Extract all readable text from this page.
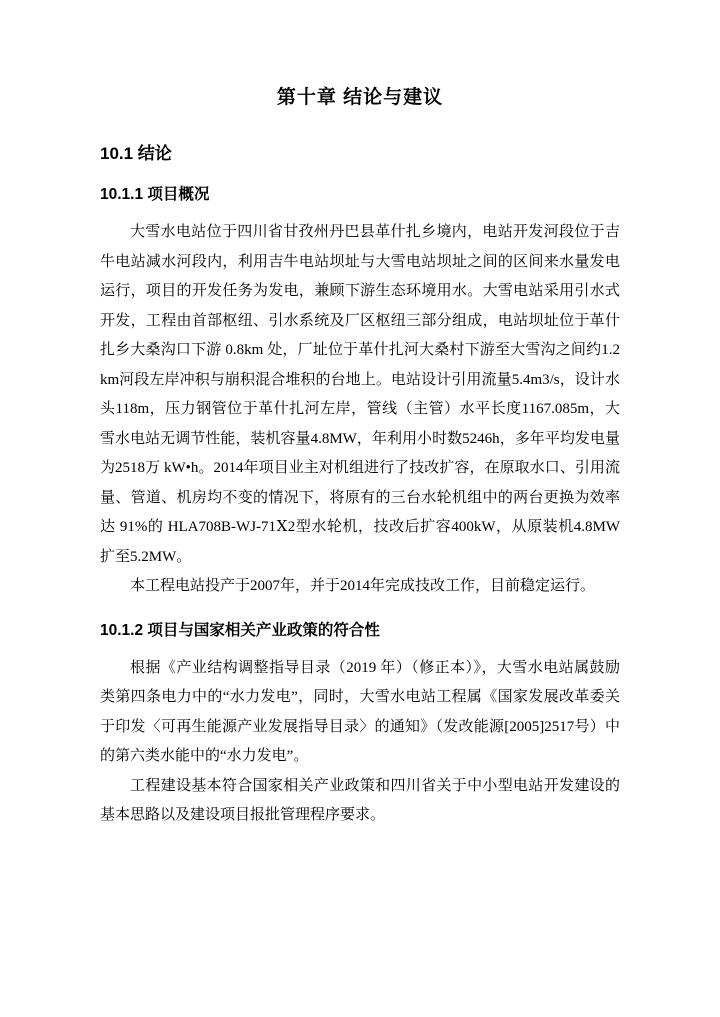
第十章 结论与建议
10.1 结论
10.1.1 项目概况

大雪水电站位于四川省甘孜州丹巴县革什扎乡境内，电站开发河段位于吉牛电站减水河段内，利用吉牛电站坝址与大雪电站坝址之间的区间来水量发电运行，项目的开发任务为发电，兼顾下游生态环境用水。大雪电站采用引水式开发，工程由首部枢纽、引水系统及厂区枢纽三部分组成，电站坝址位于革什扎乡大桑沟口下游 0.8km 处，厂址位于革什扎河大桑村下游至大雪沟之间约1.2km河段左岸冲积与崩积混合堆积的台地上。电站设计引用流量5.4m3/s，设计水头118m，压力钢管位于革什扎河左岸，管线（主管）水平长度1167.085m，大雪水电站无调节性能，装机容量4.8MW，年利用小时数5246h，多年平均发电量为2518万 kW•h。2014年项目业主对机组进行了技改扩容，在原取水口、引用流量、管道、机房均不变的情况下，将原有的三台水轮机组中的两台更换为效率达 91%的 HLA708B-WJ-71Ⅹ2型水轮机，技改后扩容400kW，从原装机4.8MW扩至5.2MW。

本工程电站投产于2007年，并于2014年完成技改工作，目前稳定运行。

10.1.2 项目与国家相关产业政策的符合性

根据《产业结构调整指导目录（2019 年）（修正本）》，大雪水电站属鼓励类第四条电力中的“水力发电”，同时，大雪水电站工程属《国家发展改革委关于印发〈可再生能源产业发展指导目录〉的通知》（发改能源[2005]2517号）中的第六类水能中的“水力发电”。

工程建设基本符合国家相关产业政策和四川省关于中小型电站开发建设的基本思路以及建设项目报批管理程序要求。
